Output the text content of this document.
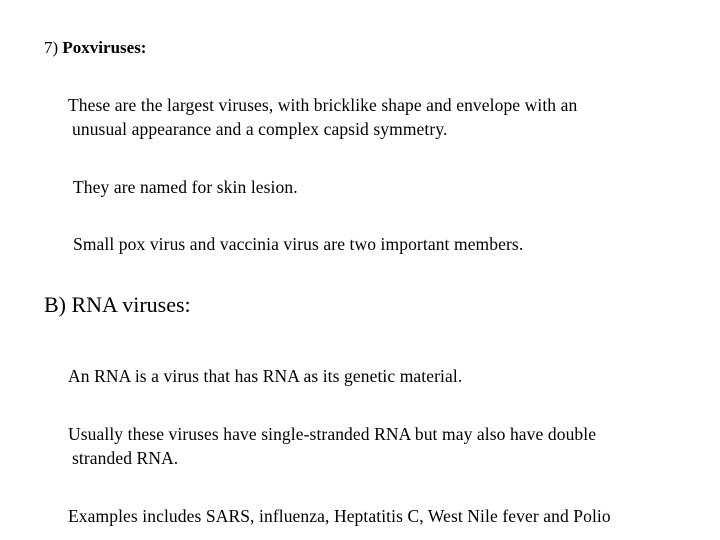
7) Poxviruses:
These are the largest viruses, with bricklike shape and envelope with an
unusual appearance and a complex capsid symmetry.

They are named for skin lesion.

Small pox virus and vaccinia virus are two important members.

B) RNA viruses:

An RNA is a virus that has RNA as its genetic material.

Usually these viruses have single-stranded RNA but may also have double
stranded RNA.

Examples includes SARS, influenza, Heptatitis C, West Nile fever and Polio
